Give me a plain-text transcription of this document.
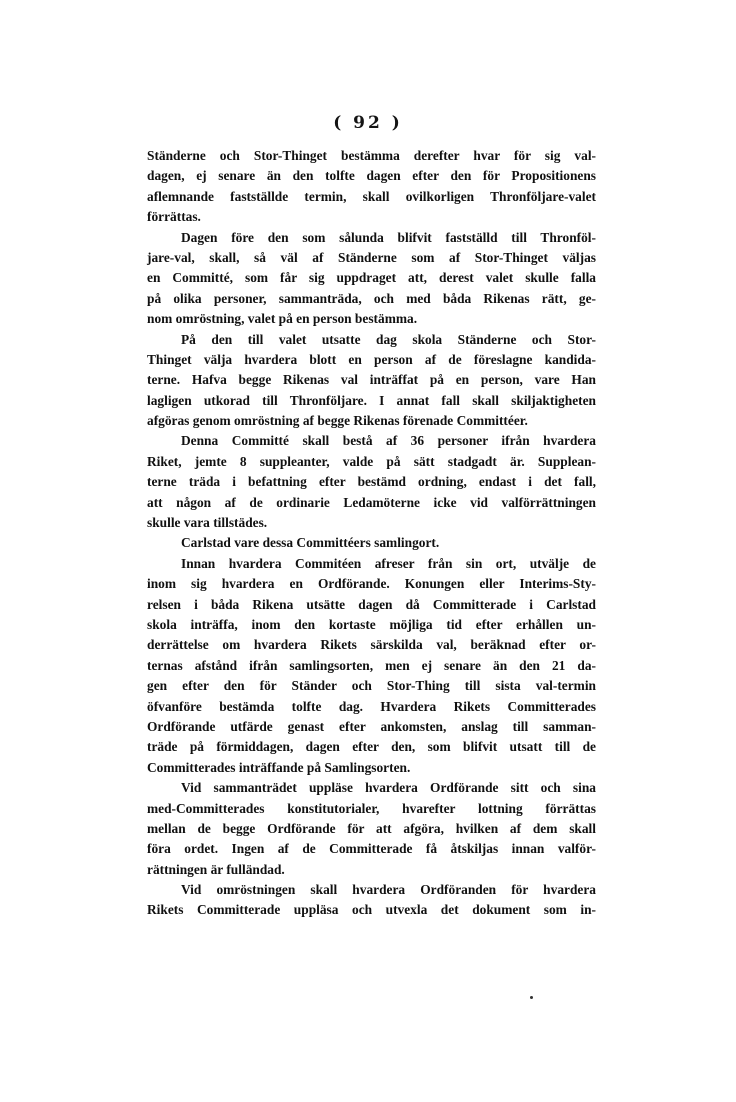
( 92 )
Ständerne och Stor-Thinget bestämma derefter hvar för sig val-
dagen, ej senare än den tolfte dagen efter den för Propositionens
aflemnande fastställde termin, skall ovilkorligen Thronföljare-valet
förrättas.
Dagen före den som sålunda blifvit fastställd till Thronföl-
jare-val, skall, så väl af Ständerne som af Stor-Thinget väljas
en Committé, som får sig uppdraget att, derest valet skulle falla
på olika personer, sammanträda, och med båda Rikenas rätt, ge-
nom omröstning, valet på en person bestämma.
På den till valet utsatte dag skola Ständerne och Stor-
Thinget välja hvardera blott en person af de föreslagne kandida-
terne. Hafva begge Rikenas val inträffat på en person, vare Han
lagligen utkorad till Thronföljare. I annat fall skall skiljaktigheten
afgöras genom omröstning af begge Rikenas förenade Committéer.
Denna Committé skall bestå af 36 personer ifrån hvardera
Riket, jemte 8 suppleanter, valde på sätt stadgadt är. Supplean-
terne träda i befattning efter bestämd ordning, endast i det fall,
att någon af de ordinarie Ledamöterne icke vid valförrättningen
skulle vara tillstädes.
Carlstad vare dessa Committéers samlingort.
Innan hvardera Commitéen afreser från sin ort, utvälje de
inom sig hvardera en Ordförande. Konungen eller Interims-Sty-
relsen i båda Rikena utsätte dagen då Committerade i Carlstad
skola inträffa, inom den kortaste möjliga tid efter erhållen un-
derrättelse om hvardera Rikets särskilda val, beräknad efter or-
ternas afstånd ifrån samlingsorten, men ej senare än den 21 da-
gen efter den för Ständer och Stor-Thing till sista val-termin
öfvanföre bestämda tolfte dag. Hvardera Rikets Committerades
Ordförande utfärde genast efter ankomsten, anslag till samman-
träde på förmiddagen, dagen efter den, som blifvit utsatt till de
Committerades inträffande på Samlingsorten.
Vid sammanträdet uppläse hvardera Ordförande sitt och sina
med-Committerades konstitutorialer, hvarefter lottning förrättas
mellan de begge Ordförande för att afgöra, hvilken af dem skall
föra ordet. Ingen af de Committerade få åtskiljas innan valför-
rättningen är fulländad.
Vid omröstningen skall hvardera Ordföranden för hvardera
Rikets Committerade uppläsa och utvexla det dokument som in-
